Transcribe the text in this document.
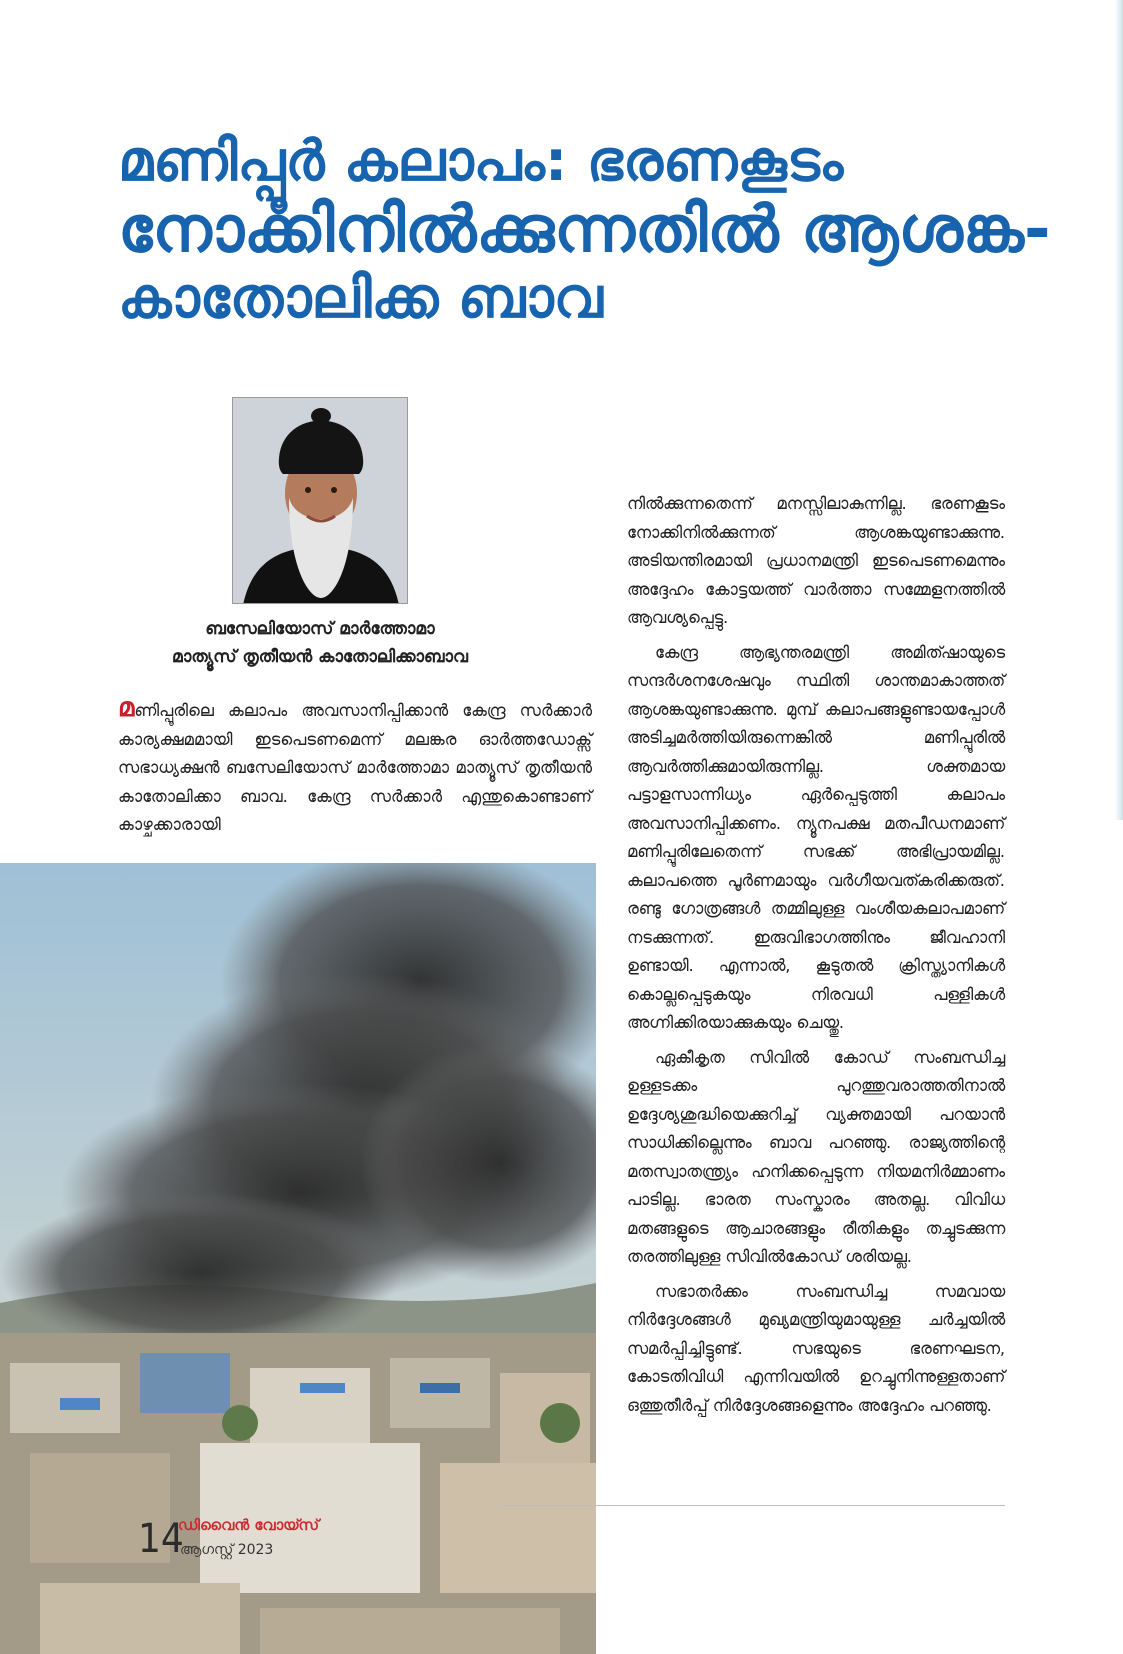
മണിപ്പൂർ കലാപം: ഭരണകൂടം
നോക്കിനിൽക്കുന്നതിൽ ആശങ്ക-
കാതോലിക്ക ബാവ
ബസേലിയോസ് മാർത്തോമാ
മാത്യൂസ് തൃതീയൻ കാതോലിക്കാബാവ
മണിപ്പൂരിലെ കലാപം അവസാനിപ്പിക്കാൻ കേന്ദ്ര സർക്കാർ കാര്യക്ഷമമായി ഇടപെടണമെന്ന് മലങ്കര ഓർത്തഡോക്സ് സഭാധ്യക്ഷൻ ബസേലിയോസ് മാർത്തോമാ മാത്യൂസ് തൃതീയൻ കാതോലിക്കാ ബാവ. കേന്ദ്ര സർക്കാർ എന്തുകൊണ്ടാണ് കാഴ്ചക്കാരായി

നിൽക്കുന്നതെന്ന് മനസ്സിലാകുന്നില്ല. ഭരണകൂടം നോക്കിനിൽക്കുന്നത് ആശങ്കയുണ്ടാക്കുന്നു. അടിയന്തിരമായി പ്രധാനമന്ത്രി ഇടപെടണമെന്നും അദ്ദേഹം കോട്ടയത്ത് വാർത്താ സമ്മേളനത്തിൽ ആവശ്യപ്പെട്ടു.

കേന്ദ്ര ആഭ്യന്തരമന്ത്രി അമിത്ഷായുടെ സന്ദർശനശേഷവും സ്ഥിതി ശാന്തമാകാത്തത് ആശങ്കയുണ്ടാക്കുന്നു. മുമ്പ് കലാപങ്ങളുണ്ടായപ്പോൾ അടിച്ചമർത്തിയിരുന്നെങ്കിൽ മണിപ്പൂരിൽ ആവർത്തിക്കുമായിരുന്നില്ല. ശക്തമായ പട്ടാളസാന്നിധ്യം ഏർപ്പെടുത്തി കലാപം അവസാനിപ്പിക്കണം. ന്യൂനപക്ഷ മതപീഡനമാണ് മണിപ്പൂരിലേതെന്ന് സഭക്ക് അഭിപ്രായമില്ല. കലാപത്തെ പൂർണമായും വർഗീയവത്കരിക്കരുത്. രണ്ടു ഗോത്രങ്ങൾ തമ്മിലുള്ള വംശീയകലാപമാണ് നടക്കുന്നത്. ഇരുവിഭാഗത്തിനും ജീവഹാനി ഉണ്ടായി. എന്നാൽ, കൂടുതൽ ക്രിസ്ത്യാനികൾ കൊല്ലപ്പെടുകയും നിരവധി പള്ളികൾ അഗ്നിക്കിരയാക്കുകയും ചെയ്തു.

ഏകീകൃത സിവിൽ കോഡ് സംബന്ധിച്ച ഉള്ളടക്കം പുറത്തുവരാത്തതിനാൽ ഉദ്ദേശ്യശുദ്ധിയെക്കുറിച്ച് വ്യക്തമായി പറയാൻ സാധിക്കില്ലെന്നും ബാവ പറഞ്ഞു. രാജ്യത്തിന്റെ മതസ്വാതന്ത്ര്യം ഹനിക്കപ്പെടുന്ന നിയമനിർമ്മാണം പാടില്ല. ഭാരത സംസ്കാരം അതല്ല. വിവിധ മതങ്ങളുടെ ആചാരങ്ങളും രീതികളും തച്ചുടക്കുന്ന തരത്തിലുള്ള സിവിൽകോഡ് ശരിയല്ല.

സഭാതർക്കം സംബന്ധിച്ച സമവായ നിർദ്ദേശങ്ങൾ മുഖ്യമന്ത്രിയുമായുള്ള ചർച്ചയിൽ സമർപ്പിച്ചിട്ടുണ്ട്. സഭയുടെ ഭരണഘടന, കോടതിവിധി എന്നിവയിൽ ഉറച്ചുനിന്നുള്ളതാണ് ഒത്തുതീർപ്പ് നിർദ്ദേശങ്ങളെന്നും അദ്ദേഹം പറഞ്ഞു.

14
ഡിവൈൻ വോയ്സ്
ആഗസ്റ്റ് 2023
